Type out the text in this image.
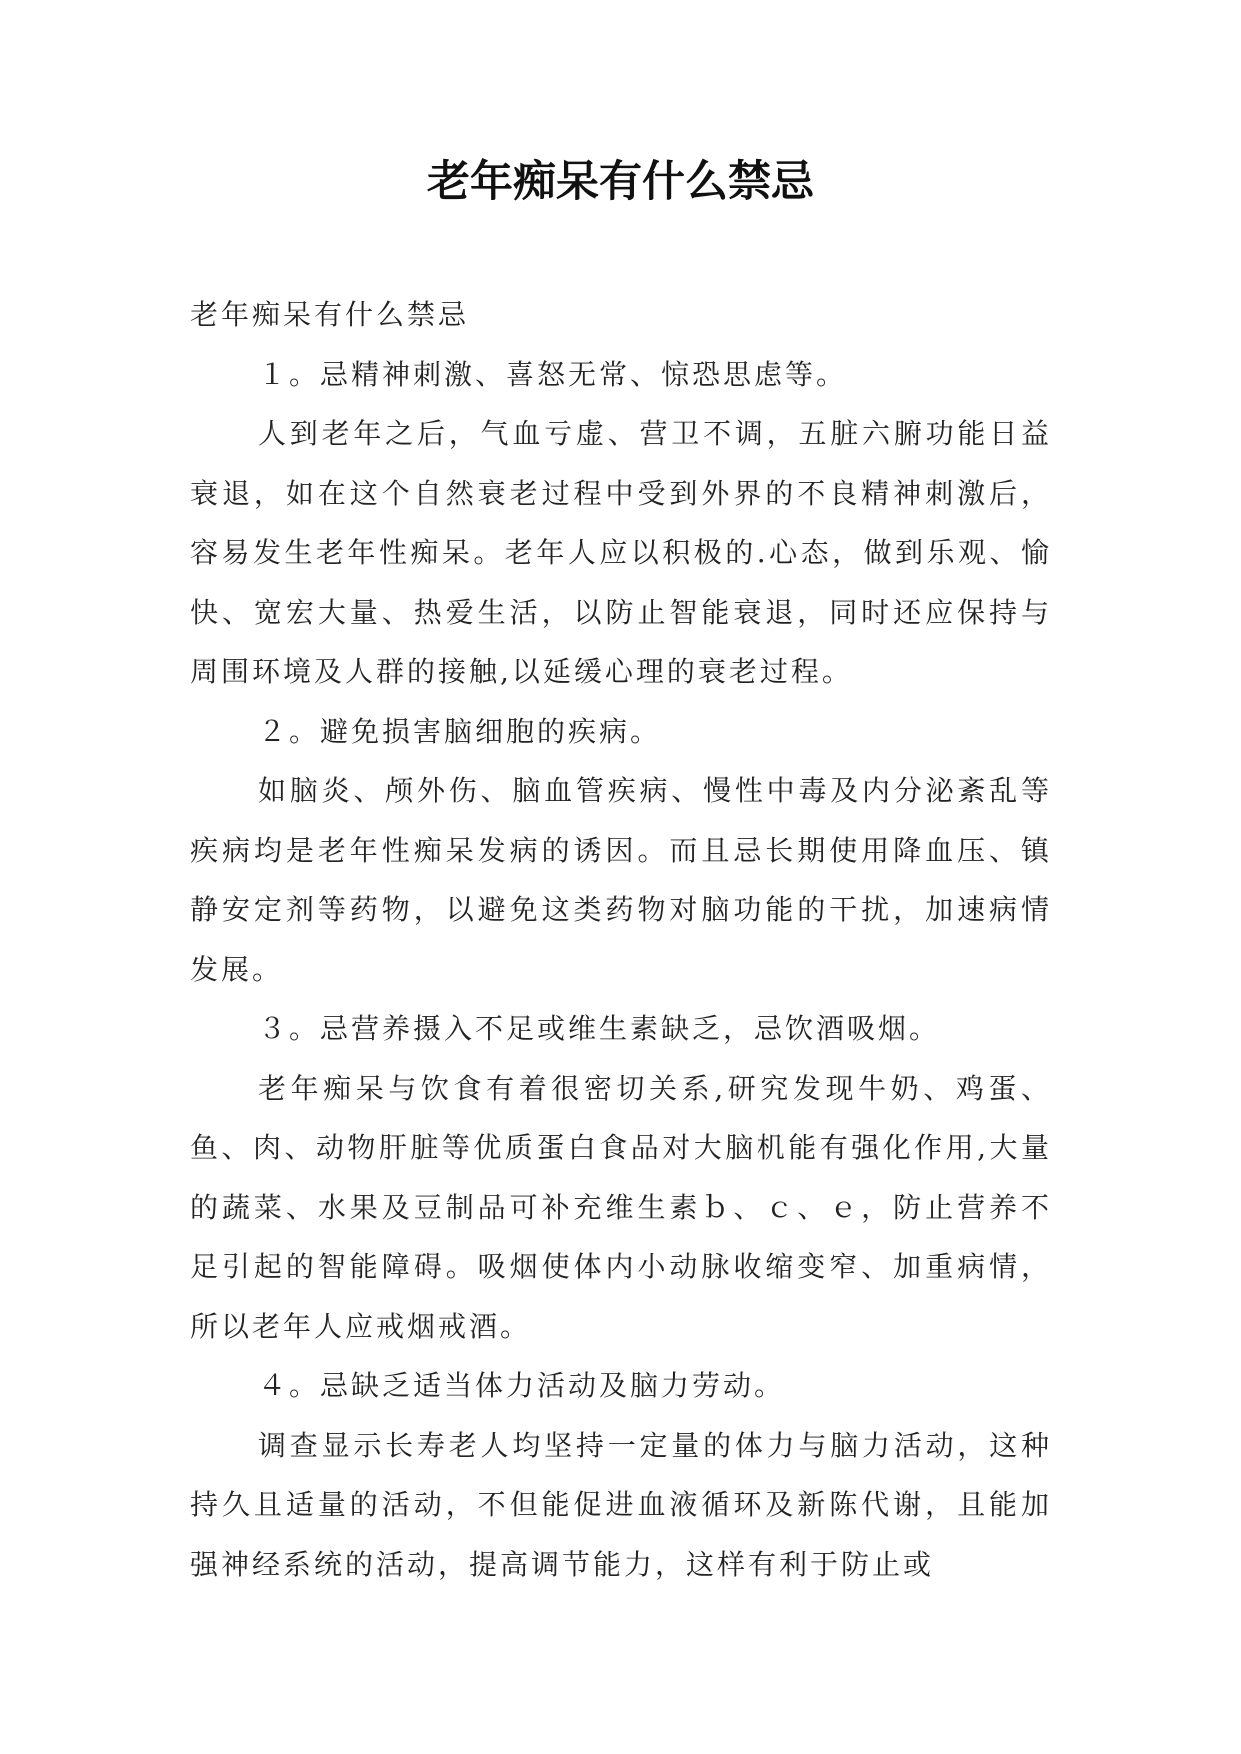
老年痴呆有什么禁忌

老年痴呆有什么禁忌

１。忌精神刺激、喜怒无常、惊恐思虑等。

人到老年之后，气血亏虚、营卫不调，五脏六腑功能日益衰退，如在这个自然衰老过程中受到外界的不良精神刺激后，容易发生老年性痴呆。老年人应以积极的.心态，做到乐观、愉快、宽宏大量、热爱生活，以防止智能衰退，同时还应保持与周围环境及人群的接触,以延缓心理的衰老过程。

２。避免损害脑细胞的疾病。

如脑炎、颅外伤、脑血管疾病、慢性中毒及内分泌紊乱等疾病均是老年性痴呆发病的诱因。而且忌长期使用降血压、镇静安定剂等药物，以避免这类药物对脑功能的干扰，加速病情发展。

３。忌营养摄入不足或维生素缺乏，忌饮酒吸烟。

老年痴呆与饮食有着很密切关系,研究发现牛奶、鸡蛋、鱼、肉、动物肝脏等优质蛋白食品对大脑机能有强化作用,大量的蔬菜、水果及豆制品可补充维生素ｂ、ｃ、ｅ，防止营养不足引起的智能障碍。吸烟使体内小动脉收缩变窄、加重病情，所以老年人应戒烟戒酒。

４。忌缺乏适当体力活动及脑力劳动。

调查显示长寿老人均坚持一定量的体力与脑力活动，这种持久且适量的活动，不但能促进血液循环及新陈代谢，且能加强神经系统的活动，提高调节能力，这样有利于防止或
